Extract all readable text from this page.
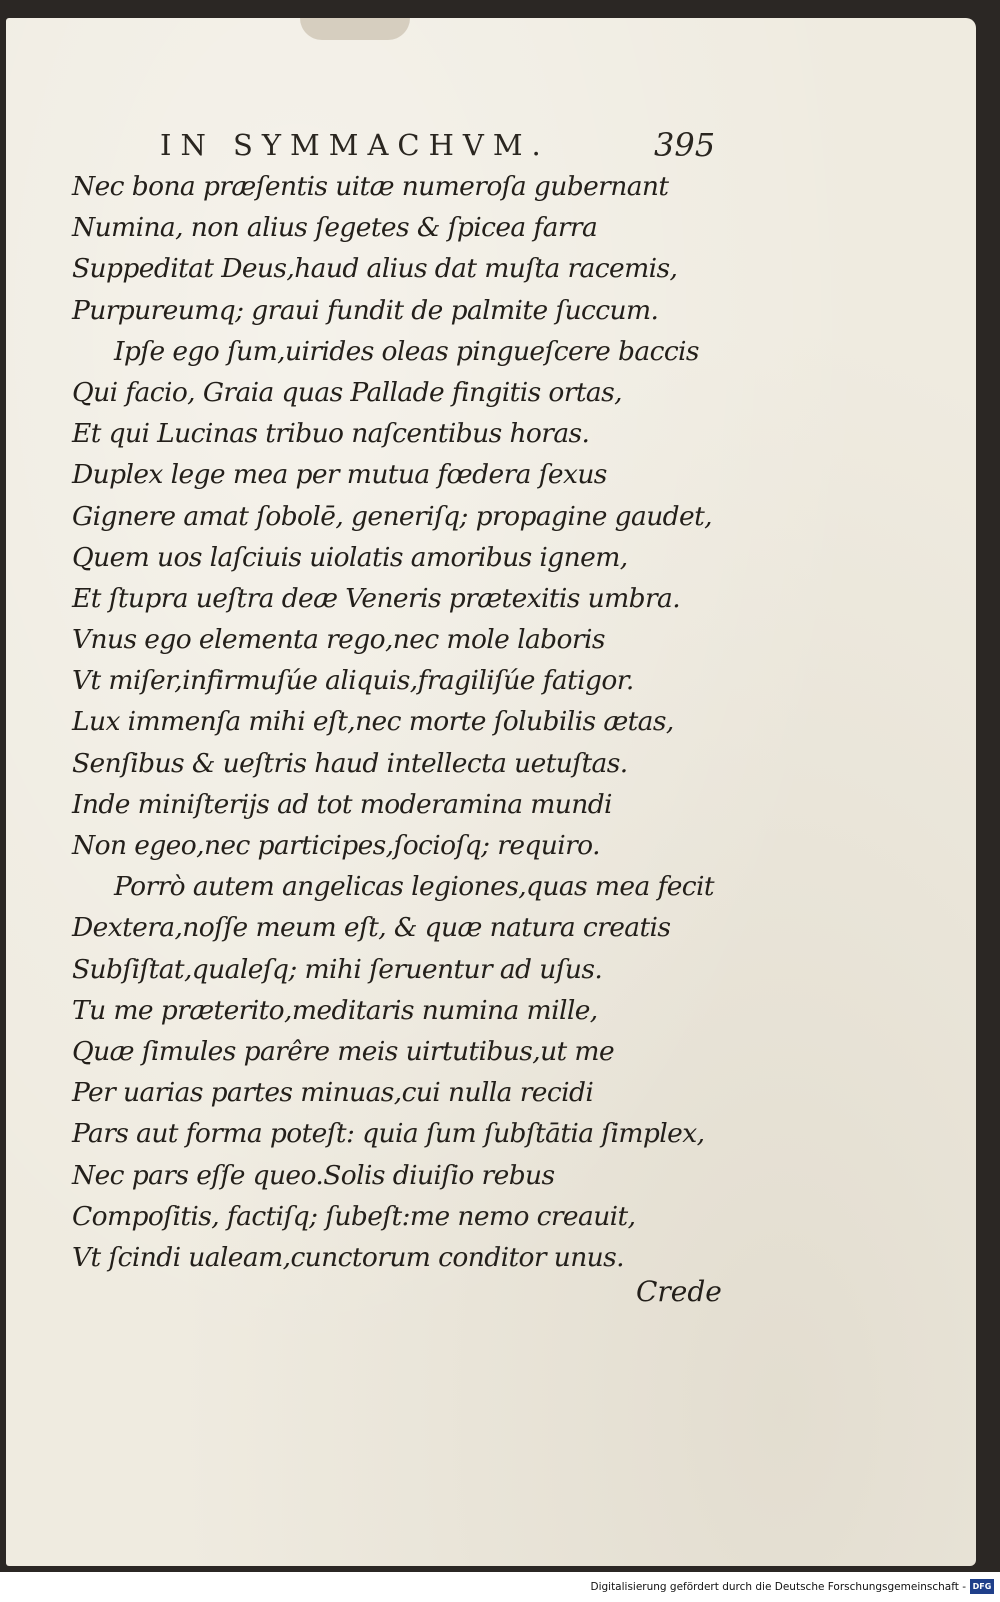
IN SYMMACHVM.	395
Nec bona præſentis uitæ numeroſa gubernant
Numina, non alius ſegetes & ſpicea farra
Suppeditat Deus,haud alius dat muſta racemis,
Purpureumq; graui fundit de palmite ſuccum.
Ipſe ego ſum,uirides oleas pingueſcere baccis
Qui facio, Graia quas Pallade fingitis ortas,
Et qui Lucinas tribuo naſcentibus horas.
Duplex lege mea per mutua fœdera ſexus
Gignere amat ſobolē, generiſq; propagine gaudet,
Quem uos laſciuis uiolatis amoribus ignem,
Et ſtupra ueſtra deæ Veneris prætexitis umbra.
Vnus ego elementa rego,nec mole laboris
Vt miſer,infirmuſúe aliquis,fragiliſúe fatigor.
Lux immenſa mihi eſt,nec morte ſolubilis ætas,
Senſibus & ueſtris haud intellecta uetuſtas.
Inde miniſterijs ad tot moderamina mundi
Non egeo,nec participes,ſocioſq; requiro.
Porrò autem angelicas legiones,quas mea fecit
Dextera,noſſe meum eſt, & quæ natura creatis
Subſiſtat,qualeſq; mihi ſeruentur ad uſus.
Tu me præterito,meditaris numina mille,
Quæ ſimules parêre meis uirtutibus,ut me
Per uarias partes minuas,cui nulla recidi
Pars aut forma poteſt: quia ſum ſubſtātia ſimplex,
Nec pars eſſe queo.Solis diuiſio rebus
Compoſitis, factiſq; ſubeſt:me nemo creauit,
Vt ſcindi ualeam,cunctorum conditor unus.
Crede
Digitalisierung gefördert durch die Deutsche Forschungsgemeinschaft - DFG
